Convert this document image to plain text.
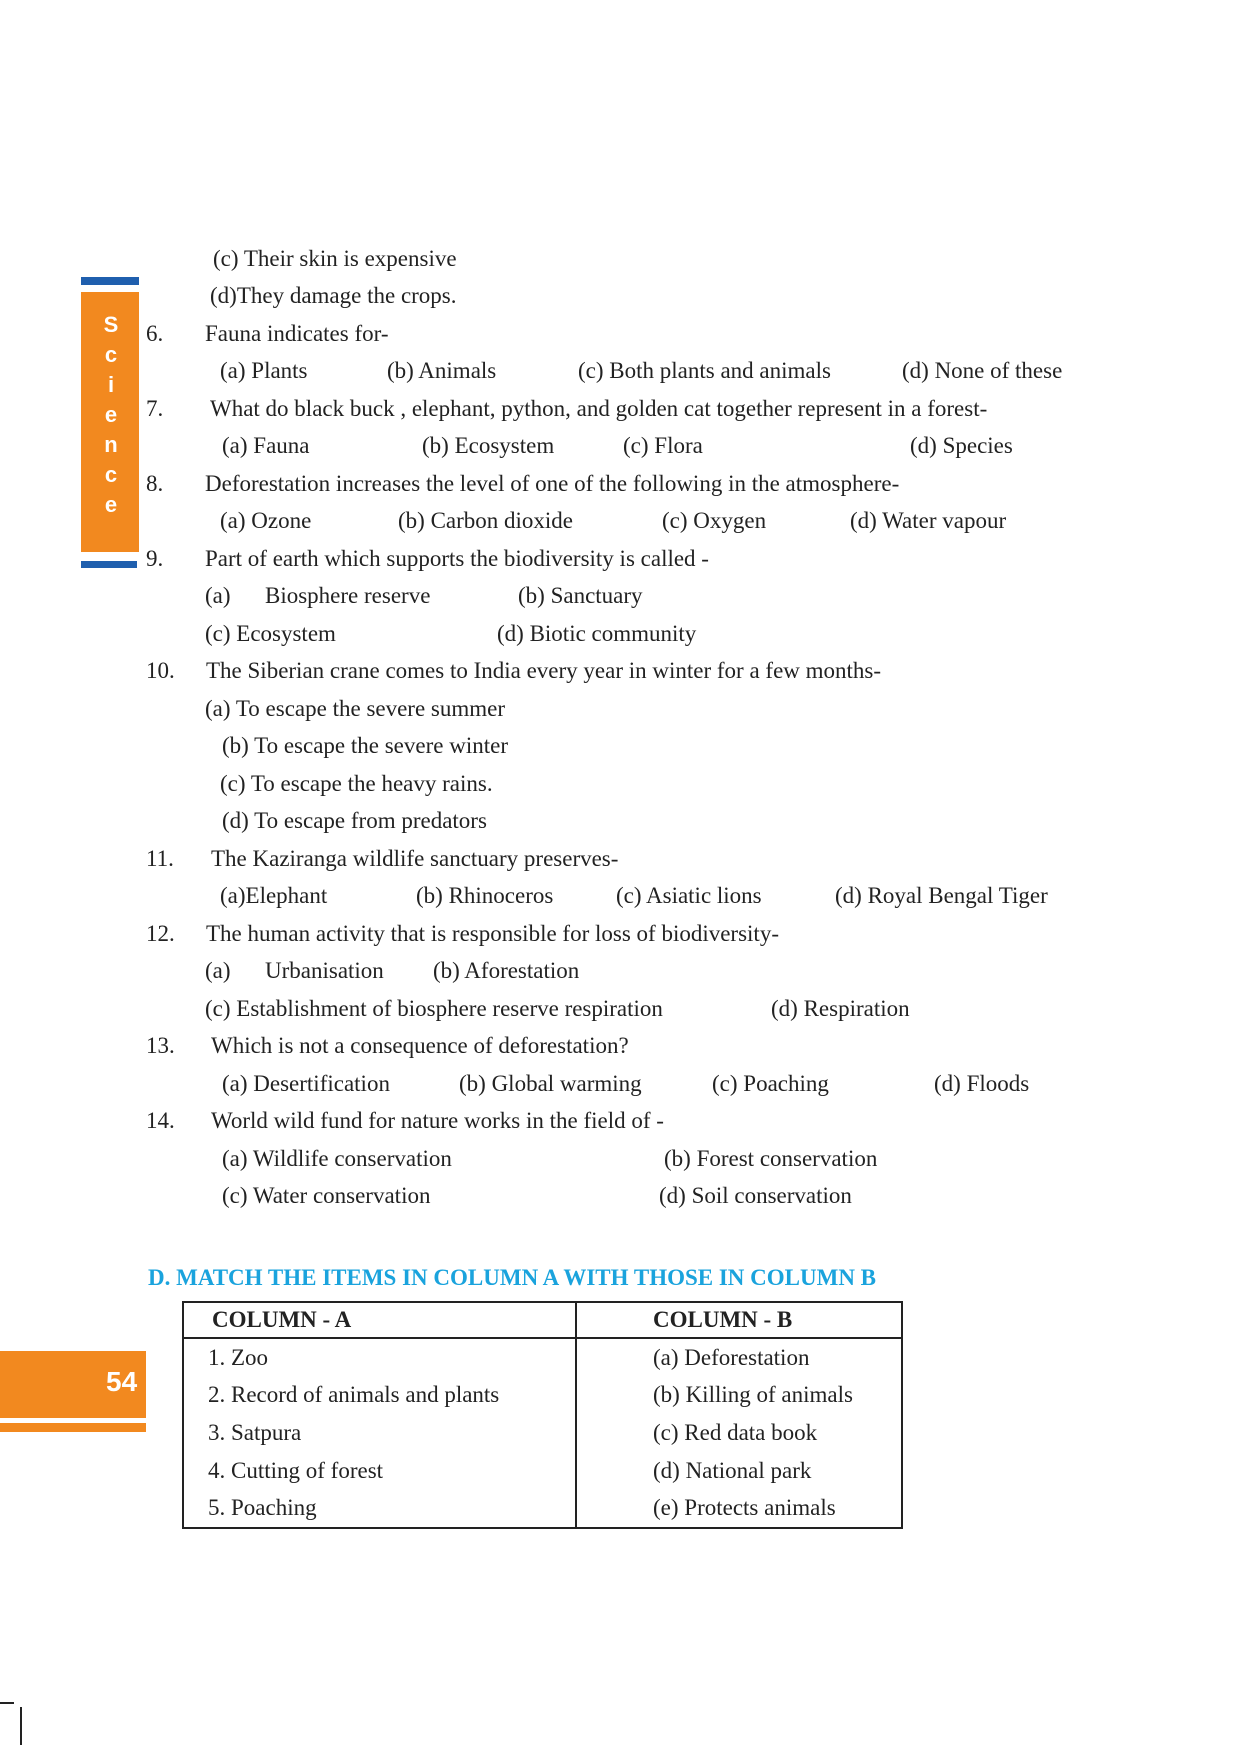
S
c
i
e
n
c
e
54
(c) Their skin is expensive
(d)They damage the crops.
6. Fauna indicates for-
(a) Plants	(b) Animals	(c) Both plants and animals	(d) None of these
7. What do black buck , elephant, python, and golden cat together represent in a forest-
(a) Fauna	(b) Ecosystem	(c) Flora	(d) Species
8. Deforestation increases the level of one of the following in the atmosphere-
(a) Ozone	(b) Carbon dioxide	(c) Oxygen	(d) Water vapour
9. Part of earth which supports the biodiversity is called -
(a) Biosphere reserve	(b) Sanctuary
(c) Ecosystem	(d) Biotic community
10. The Siberian crane comes to India every year in winter for a few months-
(a) To escape the severe summer
(b) To escape the severe winter
(c) To escape the heavy rains.
(d) To escape from predators
11. The Kaziranga wildlife sanctuary preserves-
(a)Elephant	(b) Rhinoceros	(c) Asiatic lions	(d) Royal Bengal Tiger
12. The human activity that is responsible for loss of biodiversity-
(a) Urbanisation (b) Aforestation
(c) Establishment of biosphere reserve respiration	(d) Respiration
13. Which is not a consequence of deforestation?
(a) Desertification	(b) Global warming	(c) Poaching	(d) Floods
14. World wild fund for nature works in the field of -
(a) Wildlife conservation	(b) Forest conservation
(c) Water conservation	(d) Soil conservation
D. MATCH THE ITEMS IN COLUMN A WITH THOSE IN COLUMN B
COLUMN - A	COLUMN - B
1. Zoo	(a) Deforestation
2. Record of animals and plants	(b) Killing of animals
3. Satpura	(c) Red data book
4. Cutting of forest	(d) National park
5. Poaching	(e) Protects animals
